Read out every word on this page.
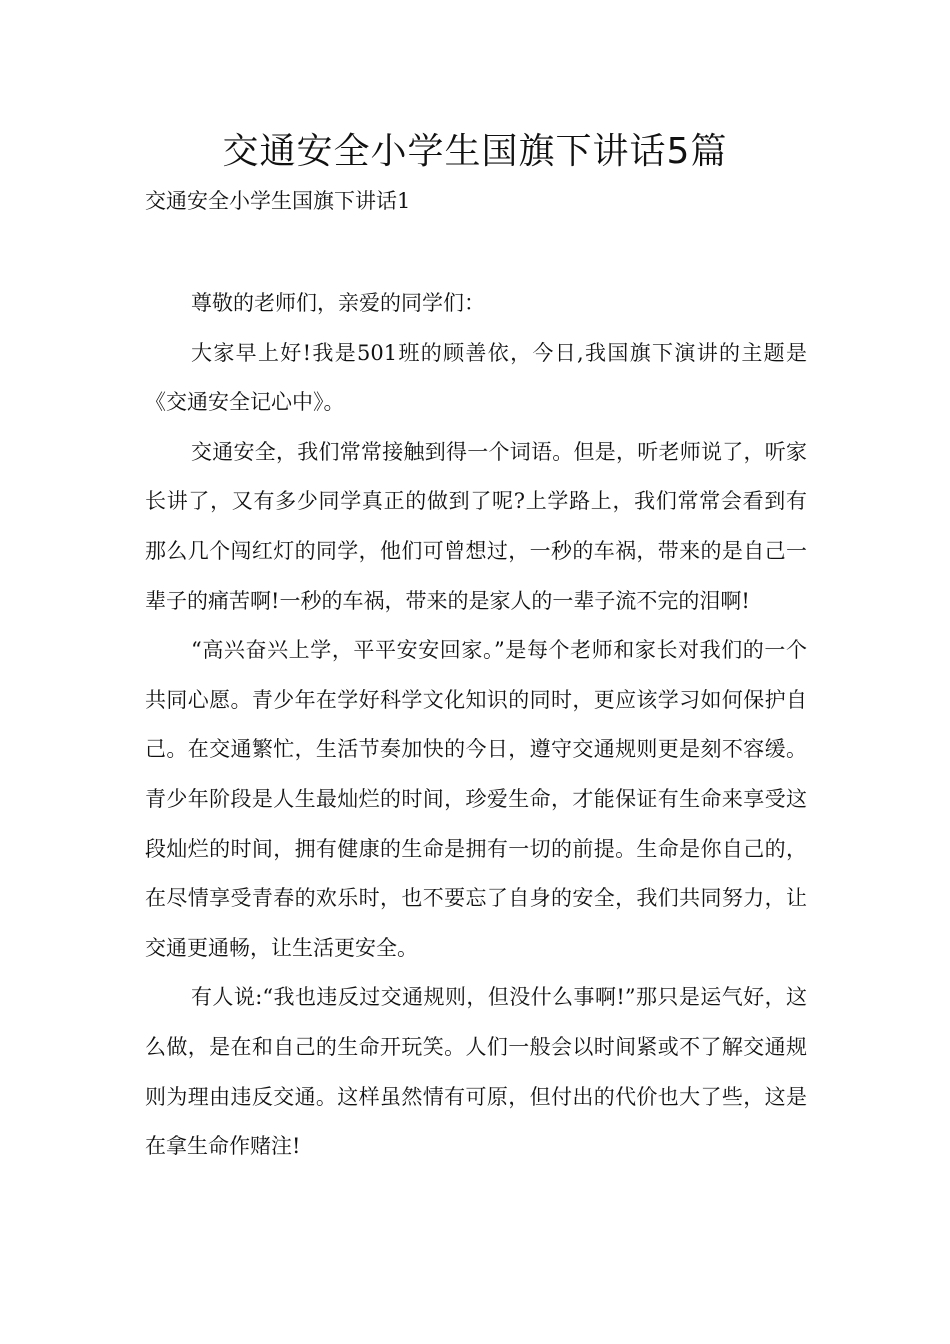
交通安全小学生国旗下讲话5篇

交通安全小学生国旗下讲话1

尊敬的老师们，亲爱的同学们：

大家早上好!我是501班的顾善依，今日,我国旗下演讲的主题是《交通安全记心中》。

交通安全，我们常常接触到得一个词语。但是，听老师说了，听家长讲了，又有多少同学真正的做到了呢?上学路上，我们常常会看到有那么几个闯红灯的同学，他们可曾想过，一秒的车祸，带来的是自己一辈子的痛苦啊!一秒的车祸，带来的是家人的一辈子流不完的泪啊!

“高兴奋兴上学，平平安安回家。”是每个老师和家长对我们的一个共同心愿。青少年在学好科学文化知识的同时，更应该学习如何保护自己。在交通繁忙，生活节奏加快的今日，遵守交通规则更是刻不容缓。青少年阶段是人生最灿烂的时间，珍爱生命，才能保证有生命来享受这段灿烂的时间，拥有健康的生命是拥有一切的前提。生命是你自己的，在尽情享受青春的欢乐时，也不要忘了自身的安全，我们共同努力，让交通更通畅，让生活更安全。

有人说:“我也违反过交通规则，但没什么事啊!”那只是运气好，这么做，是在和自己的生命开玩笑。人们一般会以时间紧或不了解交通规则为理由违反交通。这样虽然情有可原，但付出的代价也大了些，这是在拿生命作赌注!
